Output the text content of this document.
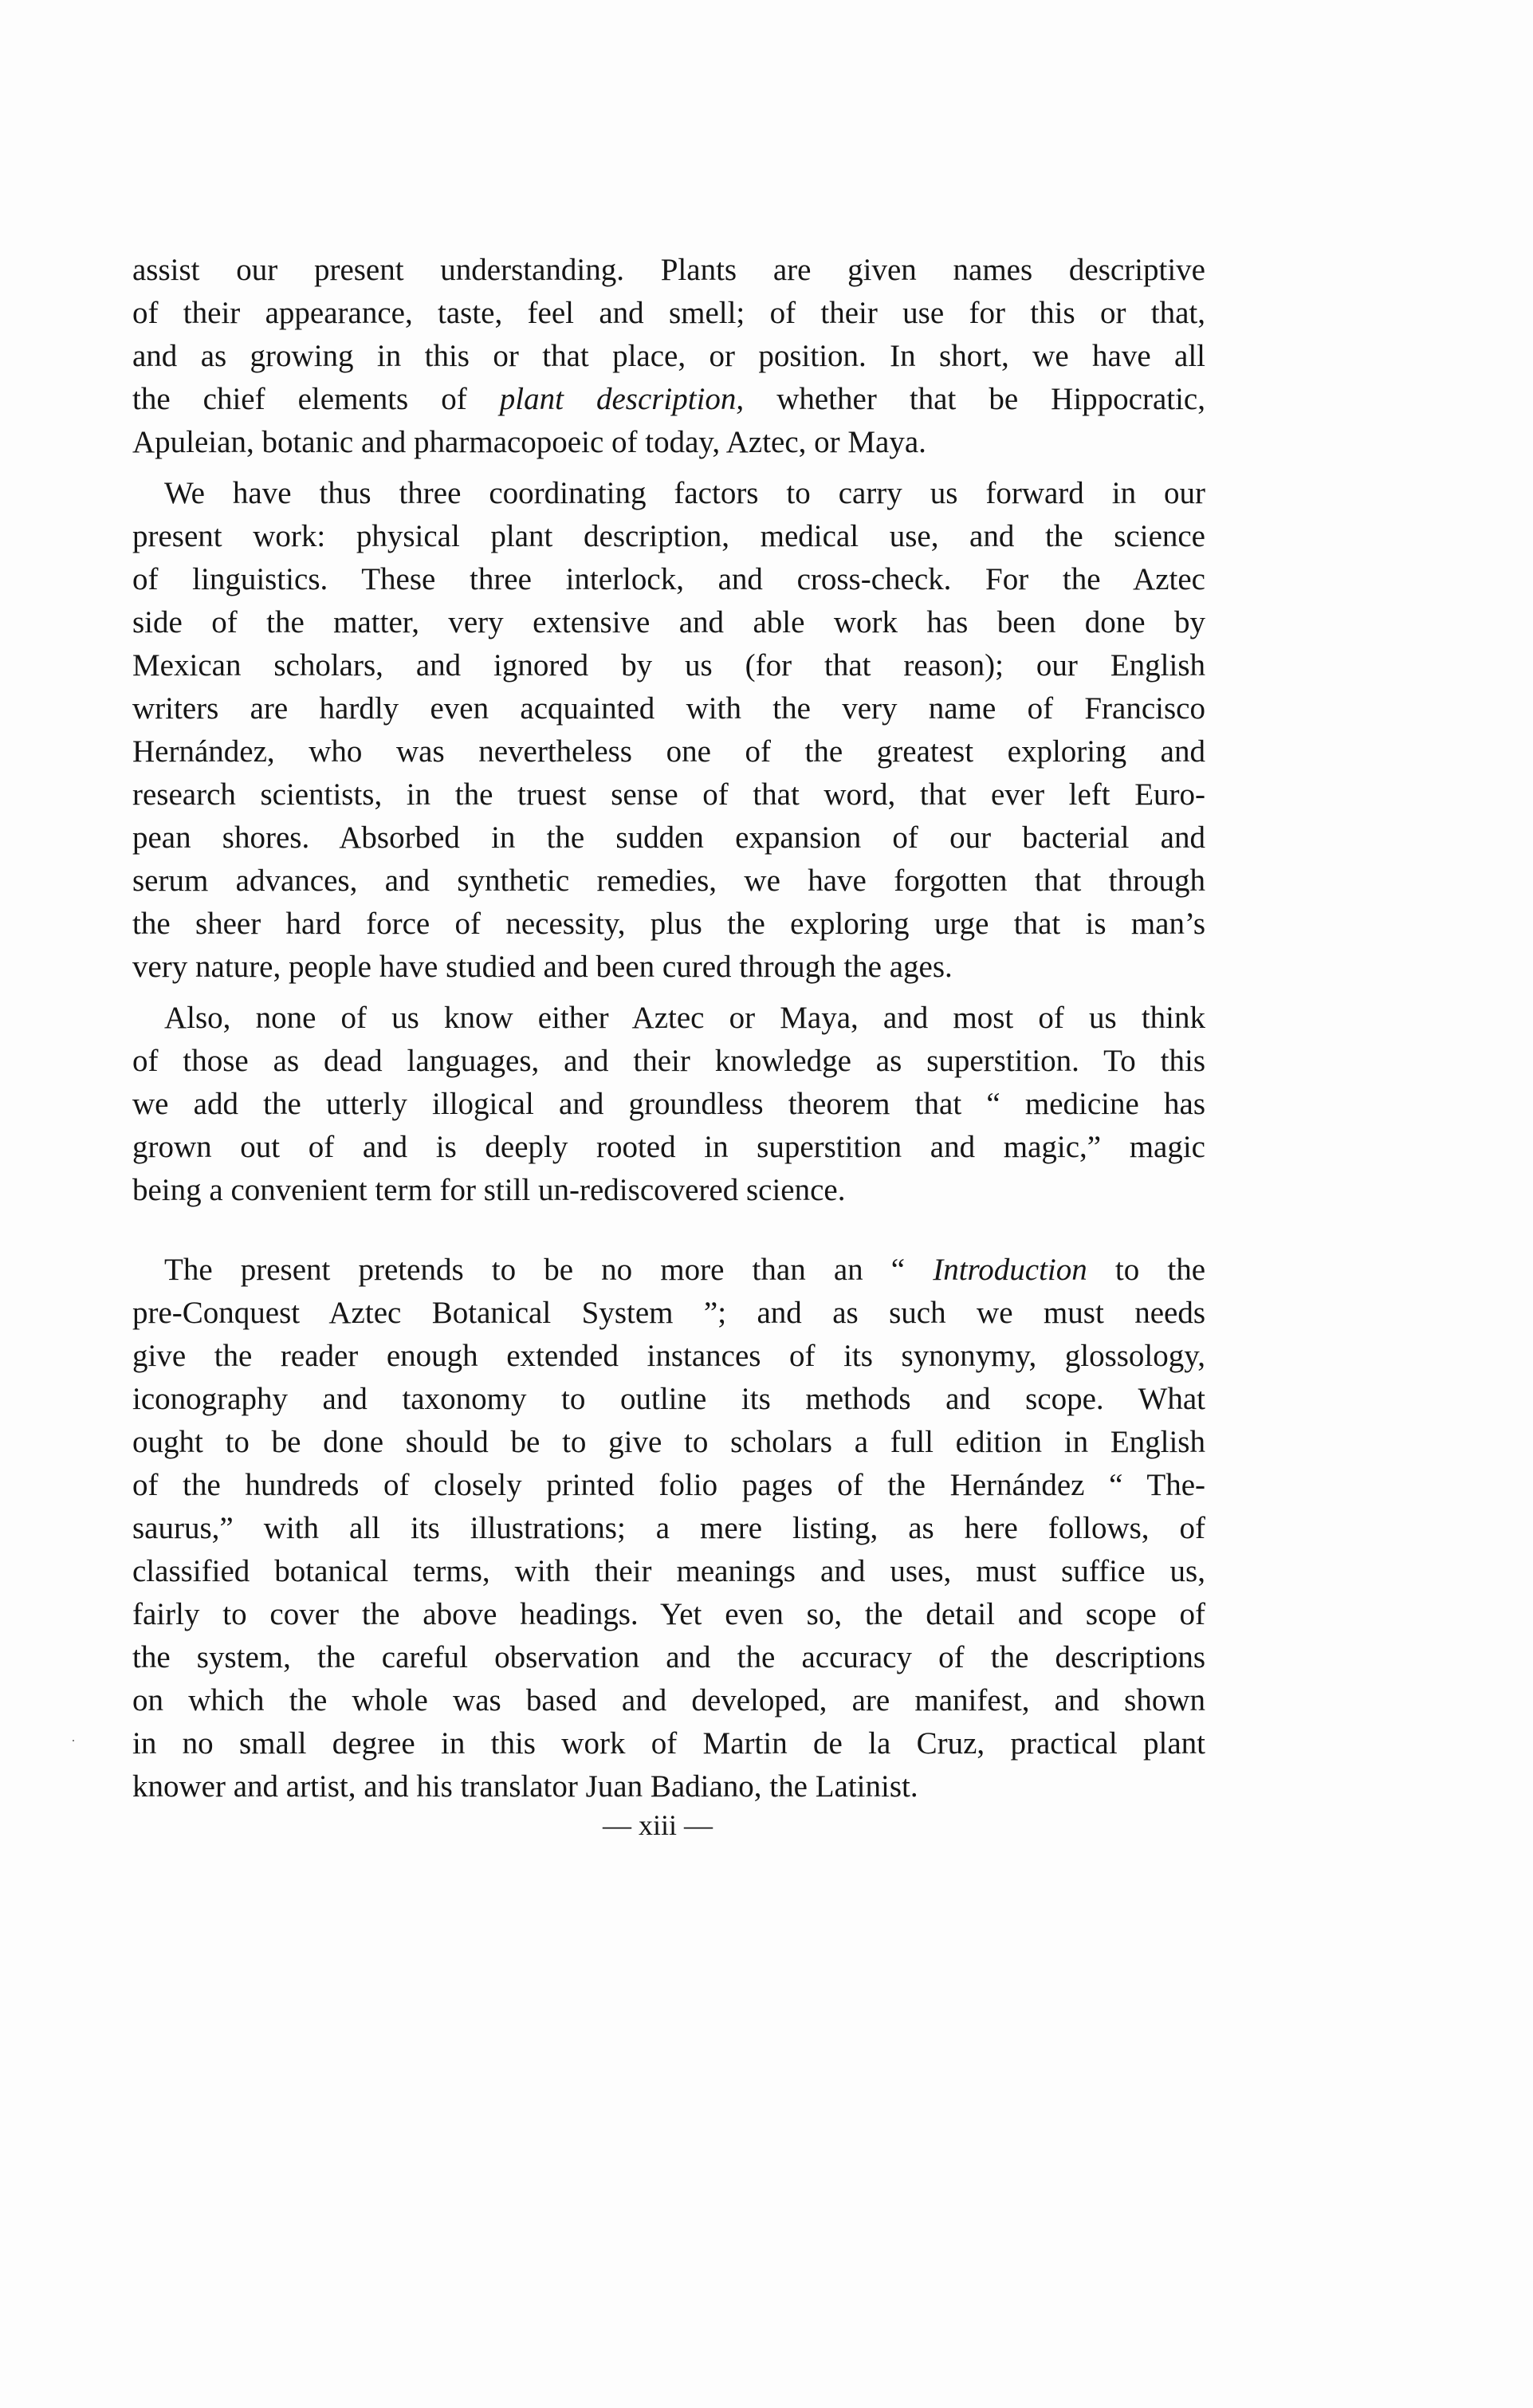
assist our present understanding. Plants are given names descriptive
of their appearance, taste, feel and smell; of their use for this or that,
and as growing in this or that place, or position. In short, we have all
the chief elements of plant description, whether that be Hippocratic,
Apuleian, botanic and pharmacopoeic of today, Aztec, or Maya.
We have thus three coordinating factors to carry us forward in our
present work: physical plant description, medical use, and the science
of linguistics. These three interlock, and cross-check. For the Aztec
side of the matter, very extensive and able work has been done by
Mexican scholars, and ignored by us (for that reason); our English
writers are hardly even acquainted with the very name of Francisco
Hernández, who was nevertheless one of the greatest exploring and
research scientists, in the truest sense of that word, that ever left Euro-
pean shores. Absorbed in the sudden expansion of our bacterial and
serum advances, and synthetic remedies, we have forgotten that through
the sheer hard force of necessity, plus the exploring urge that is man’s
very nature, people have studied and been cured through the ages.
Also, none of us know either Aztec or Maya, and most of us think
of those as dead languages, and their knowledge as superstition. To this
we add the utterly illogical and groundless theorem that “ medicine has
grown out of and is deeply rooted in superstition and magic,” magic
being a convenient term for still un-rediscovered science.
The present pretends to be no more than an “ Introduction to the
pre-Conquest Aztec Botanical System ”; and as such we must needs
give the reader enough extended instances of its synonymy, glossology,
iconography and taxonomy to outline its methods and scope. What
ought to be done should be to give to scholars a full edition in English
of the hundreds of closely printed folio pages of the Hernández “ The-
saurus,” with all its illustrations; a mere listing, as here follows, of
classified botanical terms, with their meanings and uses, must suffice us,
fairly to cover the above headings. Yet even so, the detail and scope of
the system, the careful observation and the accuracy of the descriptions
on which the whole was based and developed, are manifest, and shown
in no small degree in this work of Martin de la Cruz, practical plant
knower and artist, and his translator Juan Badiano, the Latinist.
— xiii —
